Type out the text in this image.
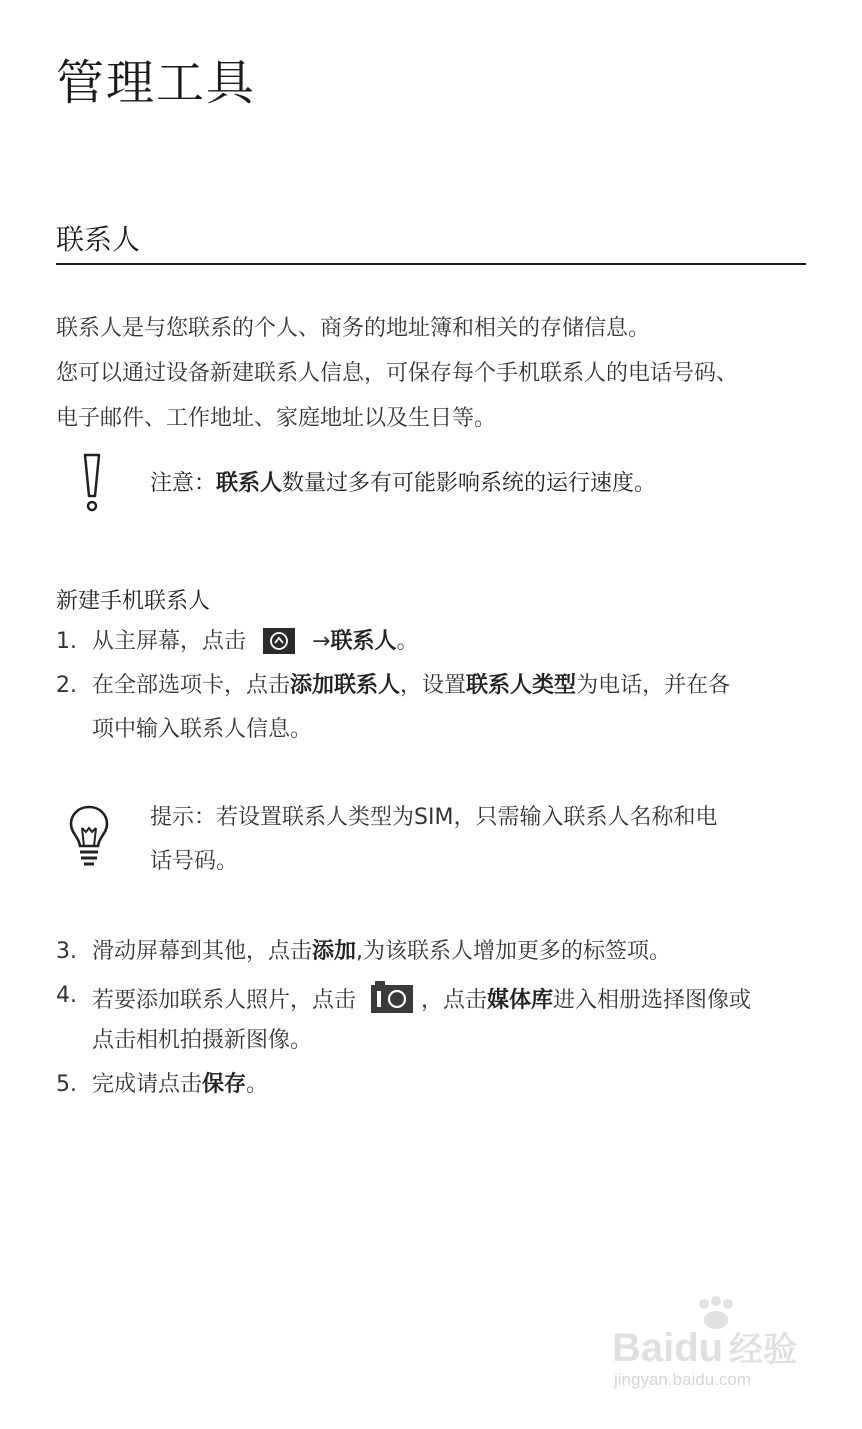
管理工具
联系人
联系人是与您联系的个人、商务的地址簿和相关的存储信息。
您可以通过设备新建联系人信息，可保存每个手机联系人的电话号码、
电子邮件、工作地址、家庭地址以及生日等。
注意：联系人数量过多有可能影响系统的运行速度。
新建手机联系人
1. 从主屏幕，点击	→联系人。
2. 在全部选项卡，点击添加联系人，设置联系人类型为电话，并在各
项中输入联系人信息。
提示：若设置联系人类型为SIM，只需输入联系人名称和电
话号码。
3. 滑动屏幕到其他，点击添加,为该联系人增加更多的标签项。
4. 若要添加联系人照片，点击	，点击媒体库进入相册选择图像或
点击相机拍摄新图像。
5. 完成请点击保存。
Baidu 经验
jingyan.baidu.com
